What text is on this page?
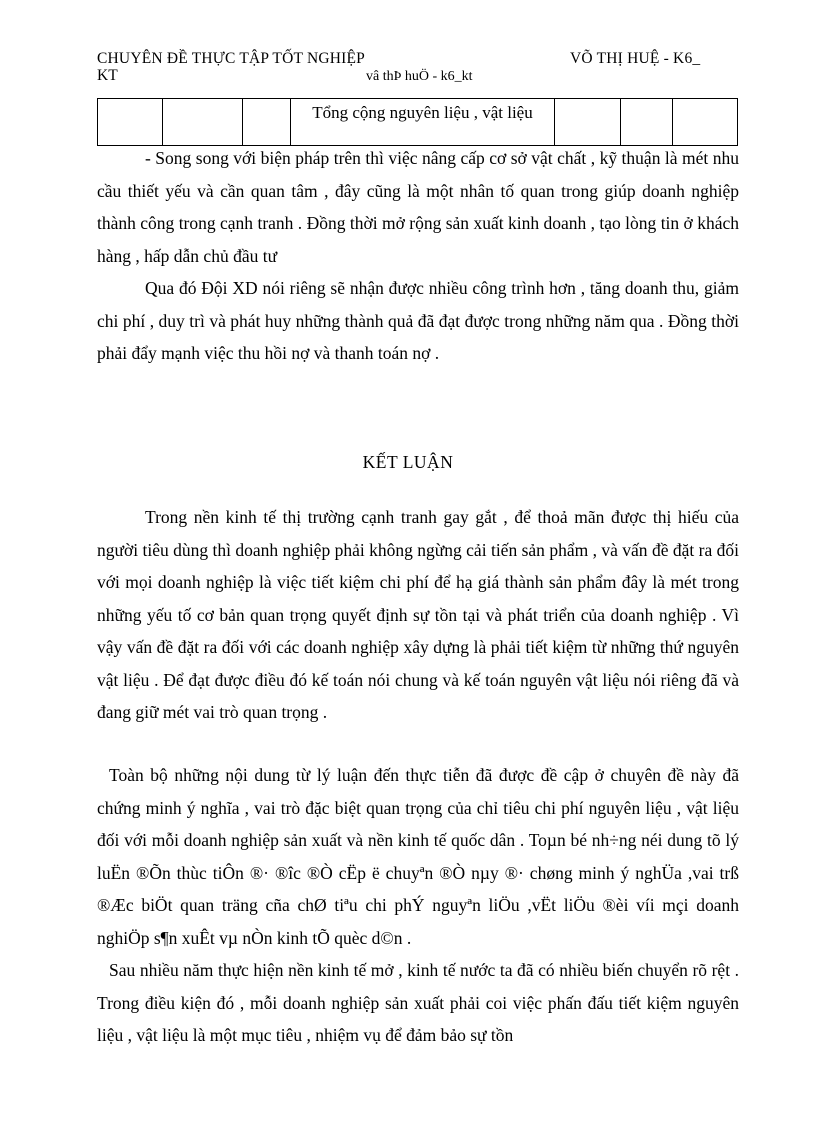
CHUYÊN ĐỀ THỰC TẬP TỐT NGHIỆP	VÕ THỊ HUỆ - K6_
KT	vâ thÞ huÖ - k6_kt
			Tổng cộng nguyên liệu , vật liệu			

- Song song với biện pháp trên thì việc nâng cấp cơ sở vật chất , kỹ thuận là mét nhu cầu thiết yếu và cần quan tâm , đây cũng là một nhân tố quan trong giúp doanh nghiệp thành công trong cạnh tranh . Đồng thời mở rộng sản xuất kinh doanh , tạo lòng tin ở khách hàng , hấp dẫn chủ đầu tư

Qua đó Đội XD nói riêng sẽ nhận được nhiều công trình hơn , tăng doanh thu, giảm chi phí , duy trì và phát huy những thành quả đã đạt được trong những năm qua . Đồng thời phải đẩy mạnh việc thu hồi nợ và thanh toán nợ .

KẾT LUẬN

Trong nền kinh tế thị trường cạnh tranh gay gắt , để thoả mãn được thị hiếu của người tiêu dùng thì doanh nghiệp phải không ngừng cải tiến sản phẩm , và vấn đề đặt ra đối với mọi doanh nghiệp là việc tiết kiệm chi phí để hạ giá thành sản phẩm đây là mét trong những yếu tố cơ bản quan trọng quyết định sự tồn tại và phát triển của doanh nghiệp . Vì vậy vấn đề đặt ra đối với các doanh nghiệp xây dựng là phải tiết kiệm từ những thứ nguyên vật liệu . Để đạt được điều đó kế toán nói chung và kế toán nguyên vật liệu nói riêng đã và đang giữ mét vai trò quan trọng .

Toàn bộ những nội dung từ lý luận đến thực tiễn đã được đề cập ở chuyên đề này đã chứng minh ý nghĩa , vai trò đặc biệt quan trọng của chỉ tiêu chi phí nguyên liệu , vật liệu đối với mỗi doanh nghiệp sản xuất và nền kinh tế quốc dân . Toµn bé nh÷ng néi dung tõ lý luËn ®Õn thùc tiÔn ®· ®îc ®Ò cËp ë chuyªn ®Ò nµy ®· chøng minh ý nghÜa ,vai trß ®Æc biÖt quan träng cña chØ tiªu chi phÝ nguyªn liÖu ,vËt liÖu ®èi víi mçi doanh nghiÖp s¶n xuÊt vµ nÒn kinh tÕ quèc d©n .

Sau nhiều năm thực hiện nền kinh tế mở , kinh tế nước ta đã có nhiều biến chuyển rõ rệt . Trong điều kiện đó , mỗi doanh nghiệp sản xuất phải coi việc phấn đấu tiết kiệm nguyên liệu , vật liệu là một mục tiêu , nhiệm vụ để đảm bảo sự tồn
